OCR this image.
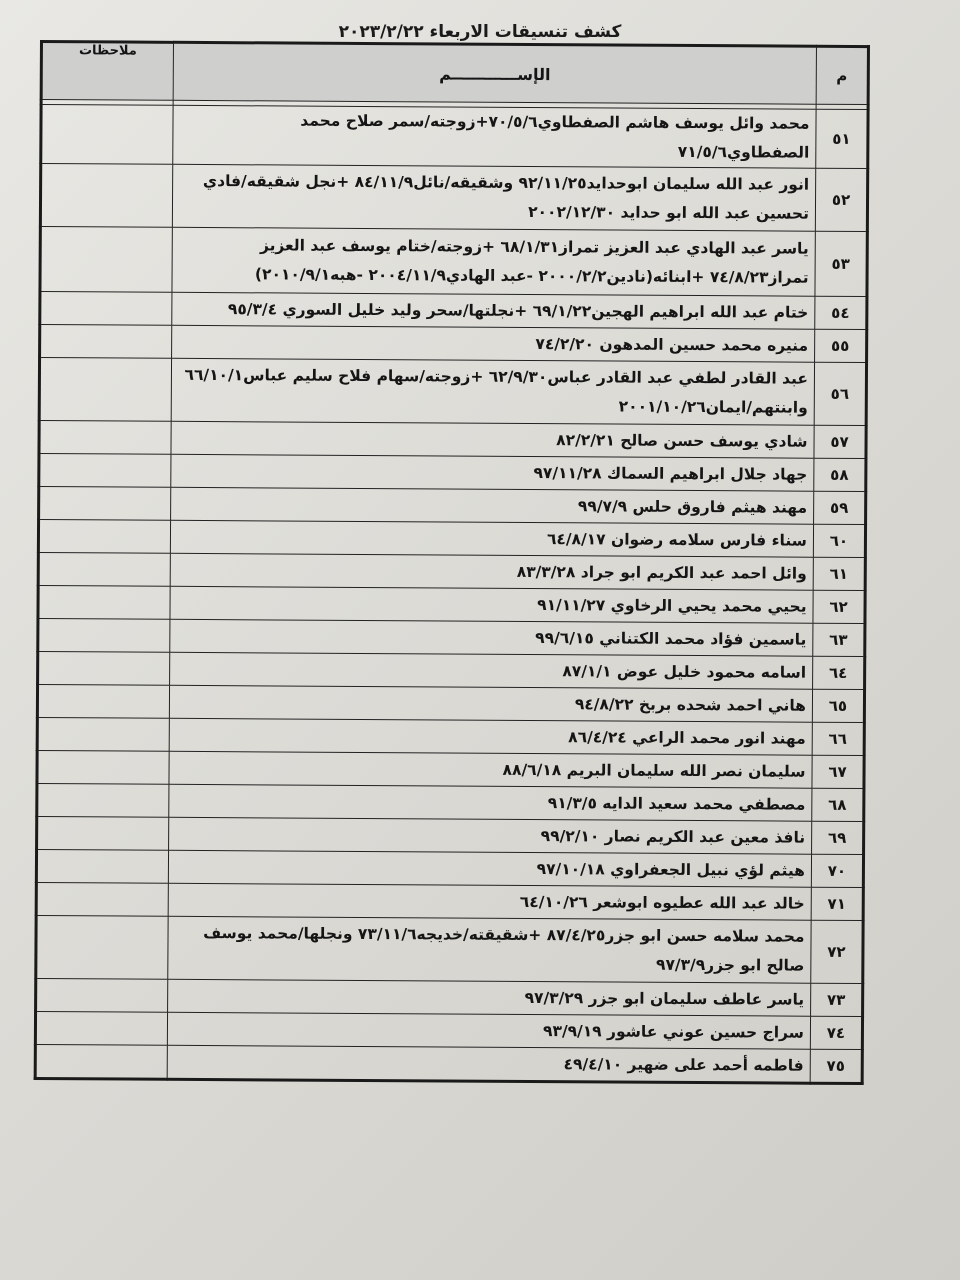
كشف تنسيقات الاربعاء ٢٠٢٣/٢/٢٢
م	الإســــــــــــم	ملاحظات

٥١	محمد وائل يوسف هاشم الصفطاوي٧٠/٥/٦+زوجته/سمر صلاح محمد الصفطاوي٧١/٥/٦	
٥٢	انور عبد الله سليمان ابوحدايد٩٢/١١/٢٥ وشقيقه/نائل٨٤/١١/٩ +نجل شقيقه/فادي تحسين عبد الله ابو حدايد ٢٠٠٢/١٢/٣٠	
٥٣	ياسر عبد الهادي عبد العزيز تمراز٦٨/١/٣١ +زوجته/ختام يوسف عبد العزيز تمراز٧٤/٨/٢٣ +ابنائه(نادين٢٠٠٠/٢/٢ -عبد الهادي٢٠٠٤/١١/٩ -هبه٢٠١٠/٩/١)	
٥٤	ختام عبد الله ابراهيم الهجين٦٩/١/٢٢ +نجلتها/سحر وليد خليل السوري ٩٥/٣/٤	
٥٥	منيره محمد حسين المدهون ٧٤/٢/٢٠	
٥٦	عبد القادر لطفي عبد القادر عباس٦٢/٩/٣٠ +زوجته/سهام فلاح سليم عباس٦٦/١٠/١ وابنتهم/ايمان٢٠٠١/١٠/٢٦	
٥٧	شادي يوسف حسن صالح ٨٢/٢/٢١	
٥٨	جهاد جلال ابراهيم السماك ٩٧/١١/٢٨	
٥٩	مهند هيثم فاروق حلس ٩٩/٧/٩	
٦٠	سناء فارس سلامه رضوان ٦٤/٨/١٧	
٦١	وائل احمد عبد الكريم ابو جراد ٨٣/٣/٢٨	
٦٢	يحيي محمد يحيي الرخاوي ٩١/١١/٢٧	
٦٣	ياسمين فؤاد محمد الكتناني ٩٩/٦/١٥	
٦٤	اسامه محمود خليل عوض ٨٧/١/١	
٦٥	هاني احمد شحده بربخ ٩٤/٨/٢٢	
٦٦	مهند انور محمد الراعي ٨٦/٤/٢٤	
٦٧	سليمان نصر الله سليمان البريم ٨٨/٦/١٨	
٦٨	مصطفي محمد سعيد الدايه ٩١/٣/٥	
٦٩	نافذ معين عبد الكريم نصار ٩٩/٢/١٠	
٧٠	هيثم لؤي نبيل الجعفراوي ٩٧/١٠/١٨	
٧١	خالد عبد الله عطيوه ابوشعر ٦٤/١٠/٢٦	
٧٢	محمد سلامه حسن ابو جزر٨٧/٤/٢٥ +شقيقته/خديجه٧٣/١١/٦ ونجلها/محمد يوسف صالح ابو جزر٩٧/٣/٩	
٧٣	ياسر عاطف سليمان ابو جزر ٩٧/٣/٢٩	
٧٤	سراج حسين عوني عاشور ٩٣/٩/١٩	
٧٥	فاطمه أحمد على ضهير ٤٩/٤/١٠	
